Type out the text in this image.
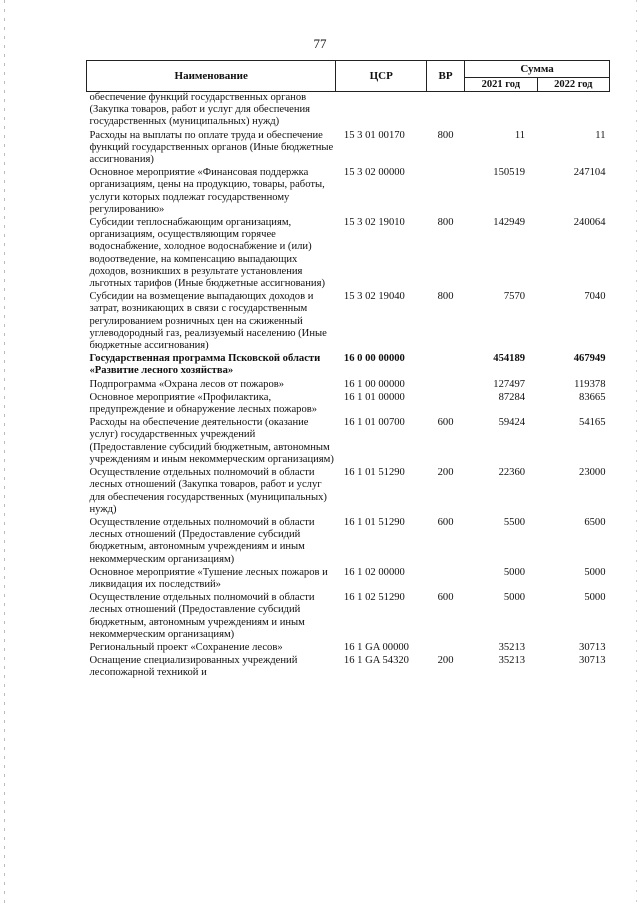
77
Наименование	ЦСР	ВР	Сумма	
			2021 год	2022 год
обеспечение функций государственных органов (Закупка товаров, работ и услуг для обеспечения государственных (муниципальных) нужд)				
Расходы на выплаты по оплате труда и обеспечение функций государственных органов (Иные бюджетные ассигнования)	15 3 01 00170	800	11	11
Основное мероприятие «Финансовая поддержка организациям, цены на продукцию, товары, работы, услуги которых подлежат государственному регулированию»	15 3 02 00000		150519	247104
Субсидии теплоснабжающим организациям, организациям, осуществляющим горячее водоснабжение, холодное водоснабжение и (или) водоотведение, на компенсацию выпадающих доходов, возникших в результате установления льготных тарифов (Иные бюджетные ассигнования)	15 3 02 19010	800	142949	240064
Субсидии на возмещение выпадающих доходов и затрат, возникающих в связи с государственным регулированием розничных цен на сжиженный углеводородный газ, реализуемый населению (Иные бюджетные ассигнования)	15 3 02 19040	800	7570	7040
Государственная программа Псковской области «Развитие лесного хозяйства»	16 0 00 00000		454189	467949
Подпрограмма «Охрана лесов от пожаров»	16 1 00 00000		127497	119378
Основное мероприятие «Профилактика, предупреждение и обнаружение лесных пожаров»	16 1 01 00000		87284	83665
Расходы на обеспечение деятельности (оказание услуг) государственных учреждений (Предоставление субсидий бюджетным, автономным учреждениям и иным некоммерческим организациям)	16 1 01 00700	600	59424	54165
Осуществление отдельных полномочий в области лесных отношений (Закупка товаров, работ и услуг для обеспечения государственных (муниципальных) нужд)	16 1 01 51290	200	22360	23000
Осуществление отдельных полномочий в области лесных отношений (Предоставление субсидий бюджетным, автономным учреждениям и иным некоммерческим организациям)	16 1 01 51290	600	5500	6500
Основное мероприятие «Тушение лесных пожаров и ликвидация их последствий»	16 1 02 00000		5000	5000
Осуществление отдельных полномочий в области лесных отношений (Предоставление субсидий бюджетным, автономным учреждениям и иным некоммерческим организациям)	16 1 02 51290	600	5000	5000
Региональный проект «Сохранение лесов»	16 1 GA 00000		35213	30713
Оснащение специализированных учреждений лесопожарной техникой и	16 1 GA 54320	200	35213	30713
